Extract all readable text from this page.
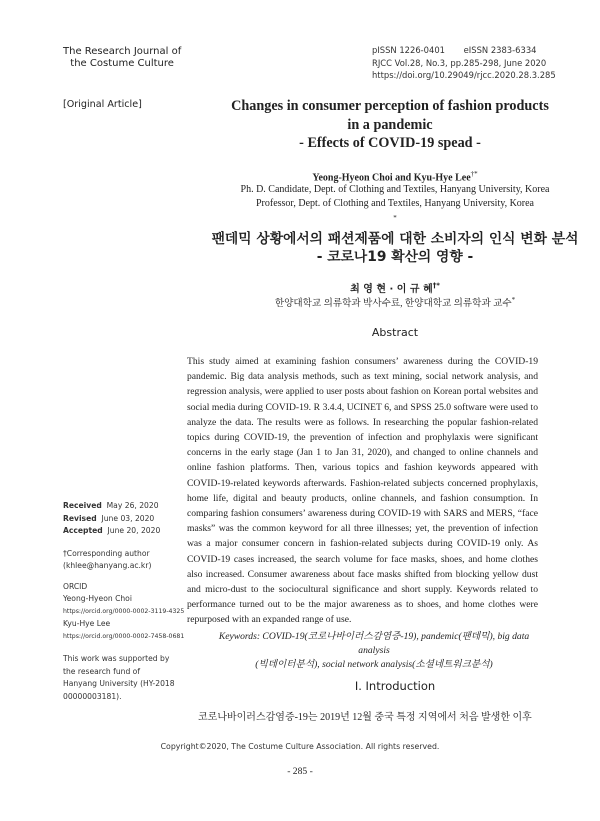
The Research Journal of
the Costume Culture
pISSN 1226-0401 eISSN 2383-6334
RJCC Vol.28, No.3, pp.285-298, June 2020
https://doi.org/10.29049/rjcc.2020.28.3.285
[Original Article]	Changes in consumer perception of fashion products
in a pandemic
- Effects of COVID-19 spead -
Yeong-Hyeon Choi and Kyu-Hye Lee†*
Ph. D. Candidate, Dept. of Clothing and Textiles, Hanyang University, Korea
Professor, Dept. of Clothing and Textiles, Hanyang University, Korea
*
팬데믹 상황에서의 패션제품에 대한 소비자의 인식 변화 분석
- 코로나19 확산의 영향 -
최 영 현 · 이 규 혜†*
한양대학교 의류학과 박사수료, 한양대학교 의류학과 교수*
Abstract
This study aimed at examining fashion consumers’ awareness during the COVID-19 pandemic. Big data analysis methods, such as text mining, social network analysis, and regression analysis, were applied to user posts about fashion on Korean portal websites and social media during COVID-19. R 3.4.4, UCINET 6, and SPSS 25.0 software were used to analyze the data. The results were as follows. In researching the popular fashion-related topics during COVID-19, the prevention of infection and prophylaxis were significant concerns in the early stage (Jan 1 to Jan 31, 2020), and changed to online channels and online fashion platforms. Then, various topics and fashion keywords appeared with COVID-19-related keywords afterwards. Fashion-related subjects concerned prophylaxis, home life, digital and beauty products, online channels, and fashion consumption. In comparing fashion consumers’ awareness during COVID-19 with SARS and MERS, “face masks” was the common keyword for all three illnesses; yet, the prevention of infection was a major consumer concern in fashion-related subjects during COVID-19 only. As COVID-19 cases increased, the search volume for face masks, shoes, and home clothes also increased. Consumer awareness about face masks shifted from blocking yellow dust and micro-dust to the sociocultural significance and short supply. Keywords related to performance turned out to be the major awareness as to shoes, and home clothes were repurposed with an expanded range of use.
Keywords: COVID-19(코로나바이러스감염증-19), pandemic(팬데믹), big data analysis
(빅데이터분석), social network analysis(소셜네트워크분석)
Received May 26, 2020
Revised June 03, 2020
Accepted June 20, 2020
†Corresponding author
(khlee@hanyang.ac.kr)
ORCID
Yeong-Hyeon Choi
https://orcid.org/0000-0002-3119-4325
Kyu-Hye Lee
https://orcid.org/0000-0002-7458-0681
This work was supported by
the research fund of
Hanyang University (HY-2018
00000003181).
I. Introduction
코로나바이러스감염증-19는 2019년 12월 중국 특정 지역에서 처음 발생한 이후
Copyright©2020, The Costume Culture Association. All rights reserved.
- 285 -
